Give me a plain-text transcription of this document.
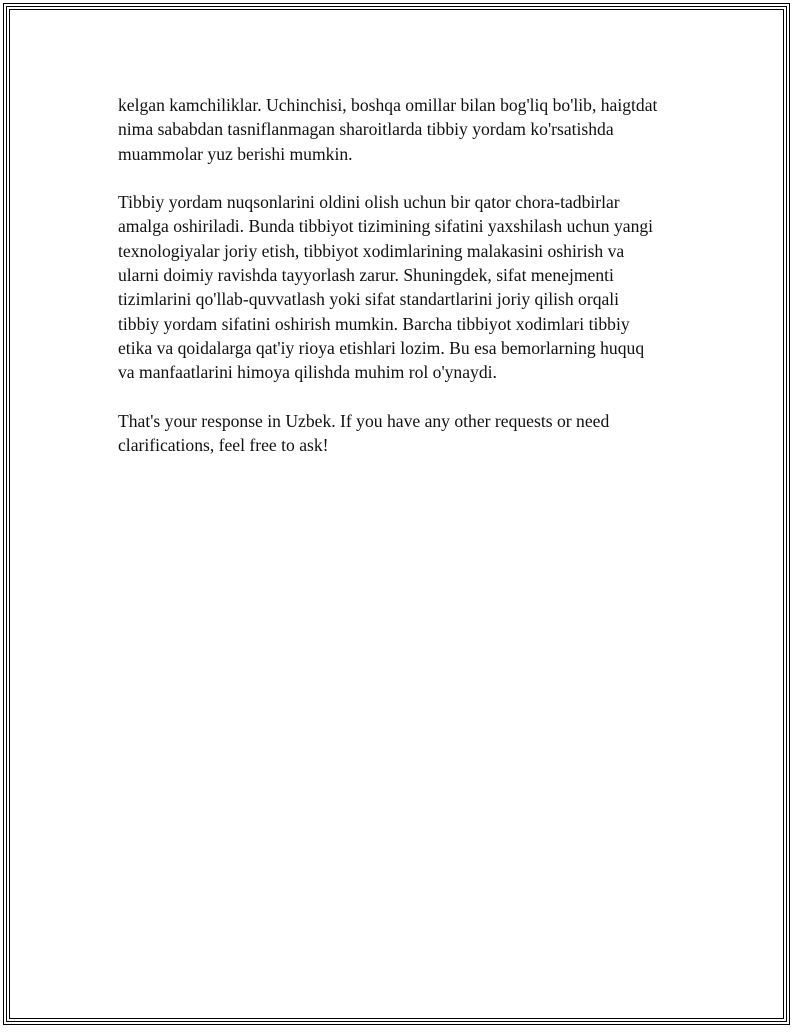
kelgan kamchiliklar. Uchinchisi, boshqa omillar bilan bog'liq bo'lib, haigtdat
nima sababdan tasniflanmagan sharoitlarda tibbiy yordam ko'rsatishda
muammolar yuz berishi mumkin.

Tibbiy yordam nuqsonlarini oldini olish uchun bir qator chora-tadbirlar
amalga oshiriladi. Bunda tibbiyot tizimining sifatini yaxshilash uchun yangi
texnologiyalar joriy etish, tibbiyot xodimlarining malakasini oshirish va
ularni doimiy ravishda tayyorlash zarur. Shuningdek, sifat menejmenti
tizimlarini qo'llab-quvvatlash yoki sifat standartlarini joriy qilish orqali
tibbiy yordam sifatini oshirish mumkin. Barcha tibbiyot xodimlari tibbiy
etika va qoidalarga qat'iy rioya etishlari lozim. Bu esa bemorlarning huquq
va manfaatlarini himoya qilishda muhim rol o'ynaydi.

That's your response in Uzbek. If you have any other requests or need
clarifications, feel free to ask!
